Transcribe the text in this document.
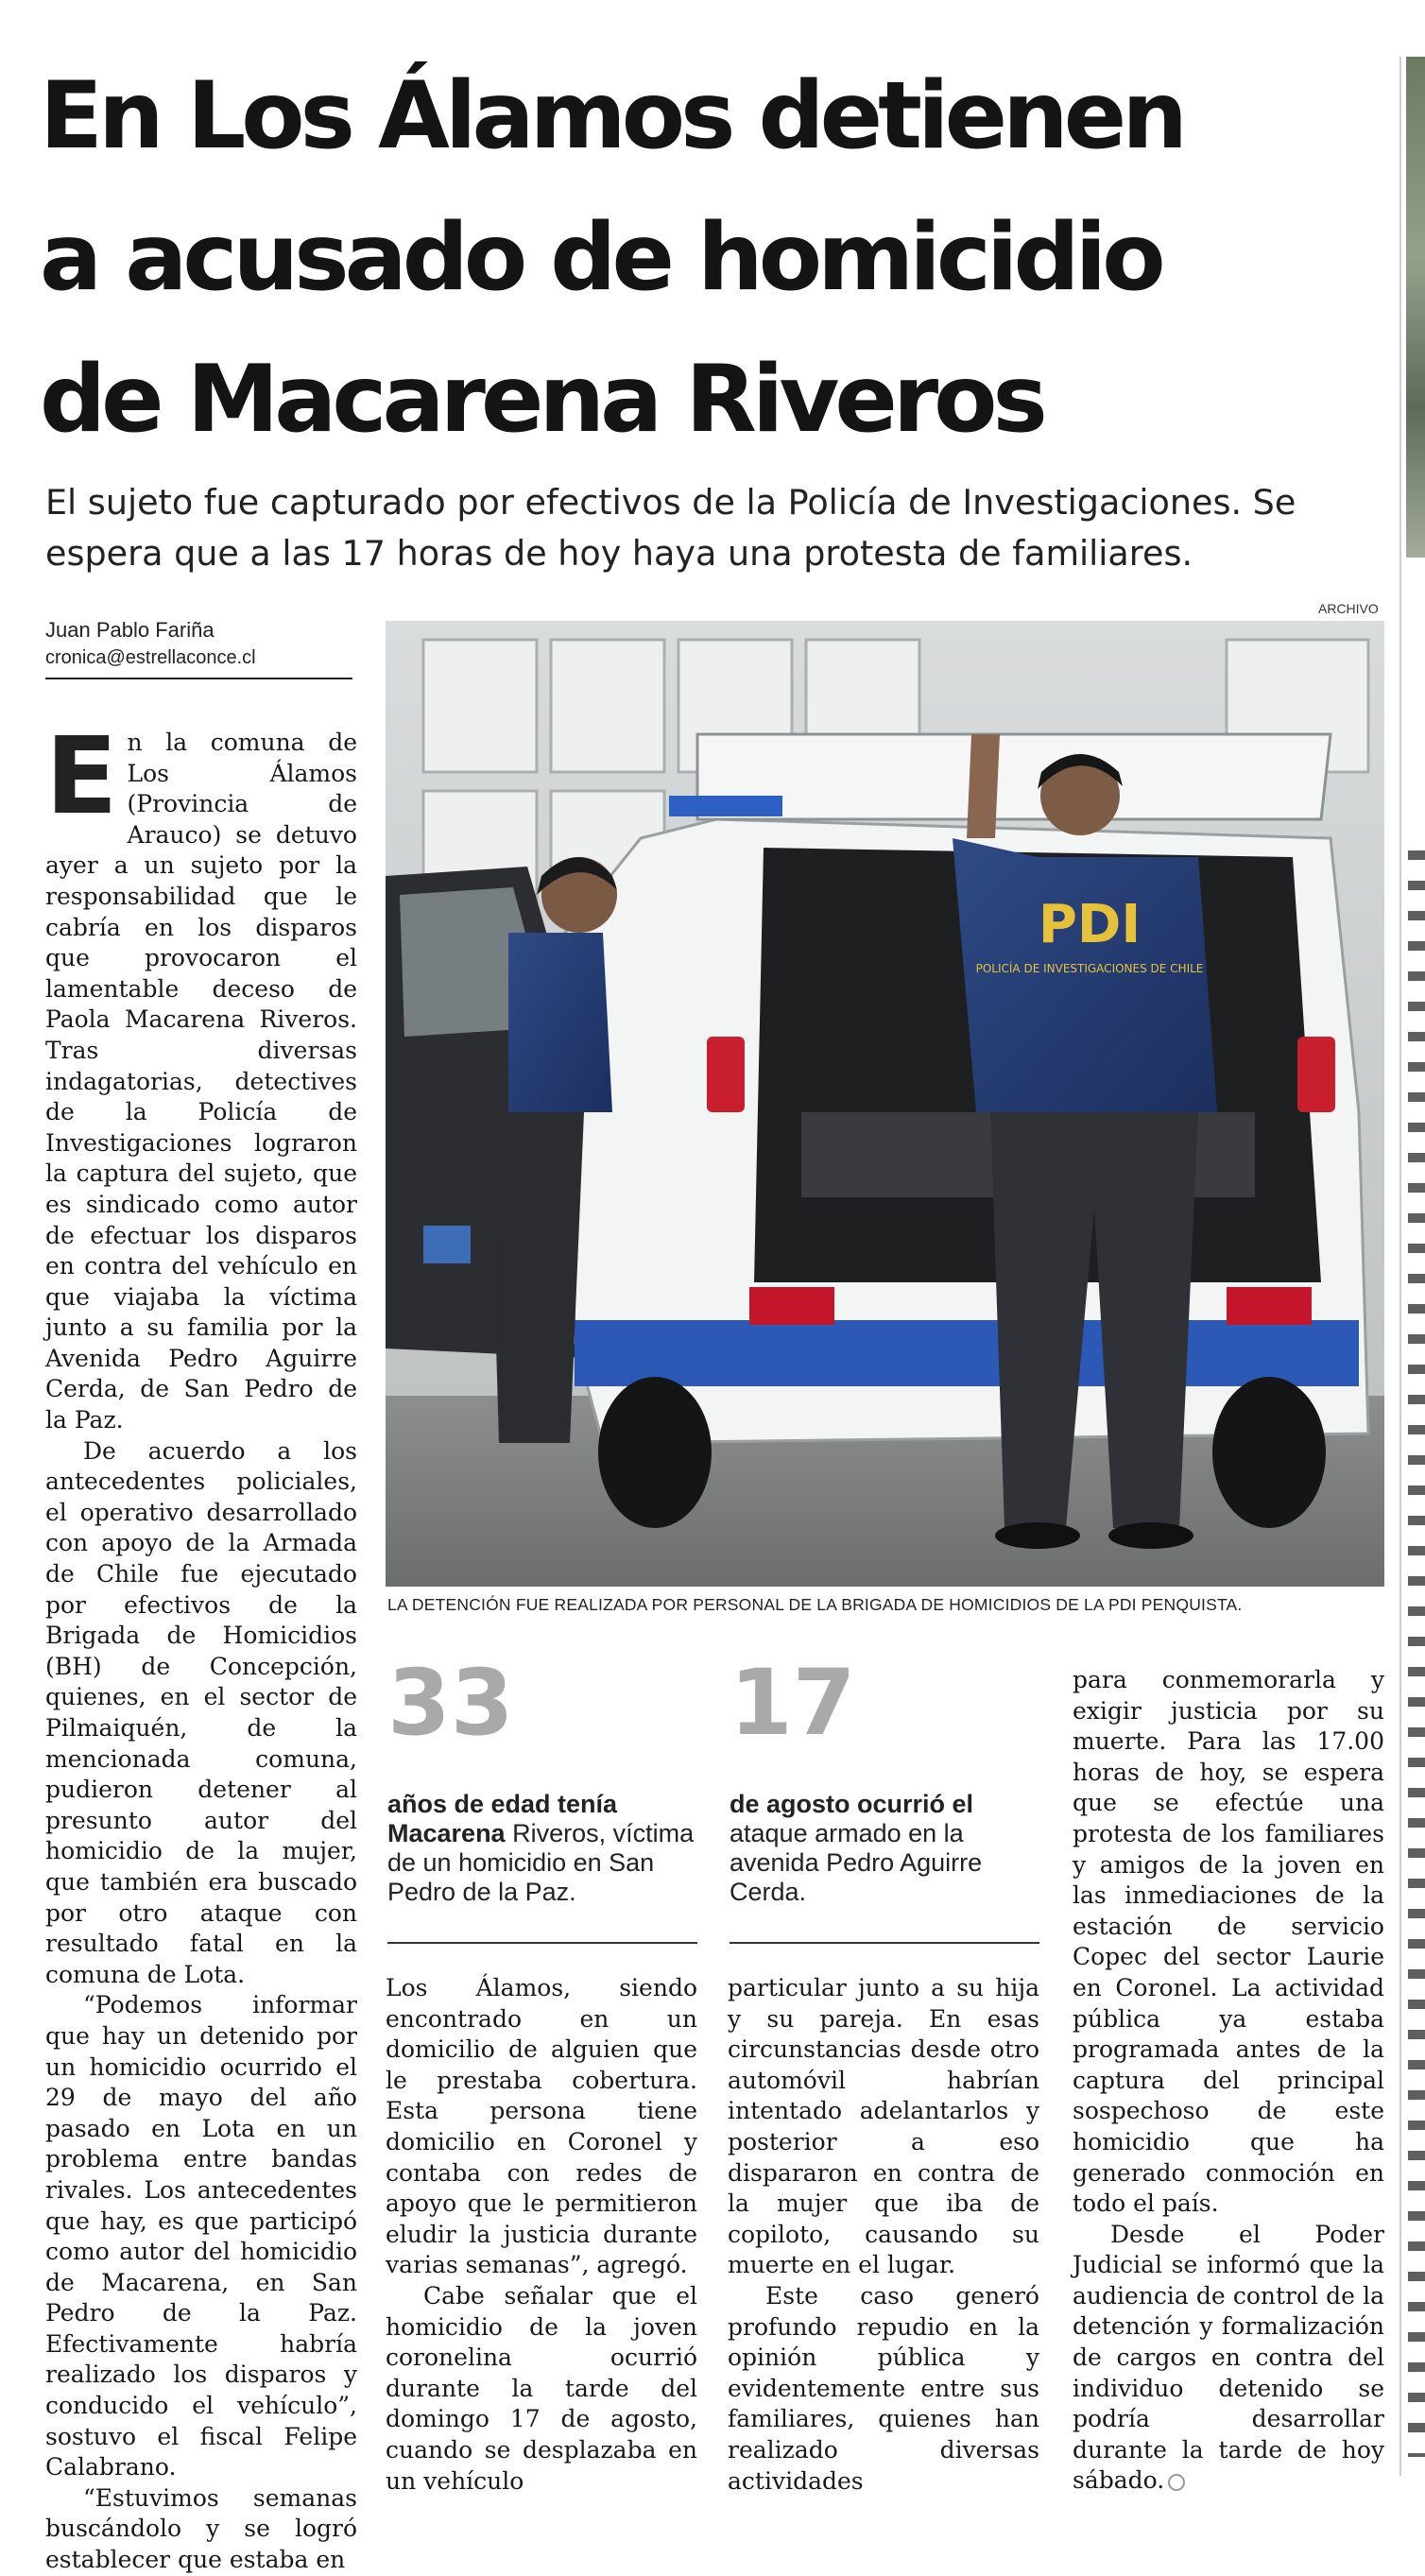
En Los Álamos detienen
a acusado de homicidio
de Macarena Riveros

El sujeto fue capturado por efectivos de la Policía de Investigaciones. Se
espera que a las 17 horas de hoy haya una protesta de familiares.

Juan Pablo Fariña
cronica@estrellaconce.cl
ARCHIVO
PDI
POLICÍA DE INVESTIGACIONES DE CHILE
LA DETENCIÓN FUE REALIZADA POR PERSONAL DE LA BRIGADA DE HOMICIDIOS DE LA PDI PENQUISTA.

En la comuna de Los Álamos (Provincia de Arauco) se detuvo ayer a un sujeto por la responsabilidad que le cabría en los disparos que provocaron el lamentable deceso de Paola Macarena Riveros. Tras diversas indagatorias, detectives de la Policía de Investigaciones lograron la captura del sujeto, que es sindicado como autor de efectuar los disparos en contra del vehículo en que viajaba la víctima junto a su familia por la Avenida Pedro Aguirre Cerda, de San Pedro de la Paz.

De acuerdo a los antecedentes policiales, el operativo desarrollado con apoyo de la Armada de Chile fue ejecutado por efectivos de la Brigada de Homicidios (BH) de Concepción, quienes, en el sector de Pilmaiquén, de la mencionada comuna, pudieron detener al presunto autor del homicidio de la mujer, que también era buscado por otro ataque con resultado fatal en la comuna de Lota.

“Podemos informar que hay un detenido por un homicidio ocurrido el 29 de mayo del año pasado en Lota en un problema entre bandas rivales. Los antecedentes que hay, es que participó como autor del homicidio de Macarena, en San Pedro de la Paz. Efectivamente habría realizado los disparos y conducido el vehículo”, sostuvo el fiscal Felipe Calabrano.

“Estuvimos semanas buscándolo y se logró establecer que estaba en

33
años de edad tenía Macarena Riveros, víctima de un homicidio en San Pedro de la Paz.
17
de agosto ocurrió el ataque armado en la avenida Pedro Aguirre Cerda.

Los Álamos, siendo encontrado en un domicilio de alguien que le prestaba cobertura. Esta persona tiene domicilio en Coronel y contaba con redes de apoyo que le permitieron eludir la justicia durante varias semanas”, agregó.

Cabe señalar que el homicidio de la joven coronelina ocurrió durante la tarde del domingo 17 de agosto, cuando se desplazaba en un vehículo

particular junto a su hija y su pareja. En esas circunstancias desde otro automóvil habrían intentado adelantarlos y posterior a eso dispararon en contra de la mujer que iba de copiloto, causando su muerte en el lugar.

Este caso generó profundo repudio en la opinión pública y evidentemente entre sus familiares, quienes han realizado diversas actividades

para conmemorarla y exigir justicia por su muerte. Para las 17.00 horas de hoy, se espera que se efectúe una protesta de los familiares y amigos de la joven en las inmediaciones de la estación de servicio Copec del sector Laurie en Coronel. La actividad pública ya estaba programada antes de la captura del principal sospechoso de este homicidio que ha generado conmoción en todo el país.

Desde el Poder Judicial se informó que la audiencia de control de la detención y formalización de cargos en contra del individuo detenido se podría desarrollar durante la tarde de hoy sábado.
